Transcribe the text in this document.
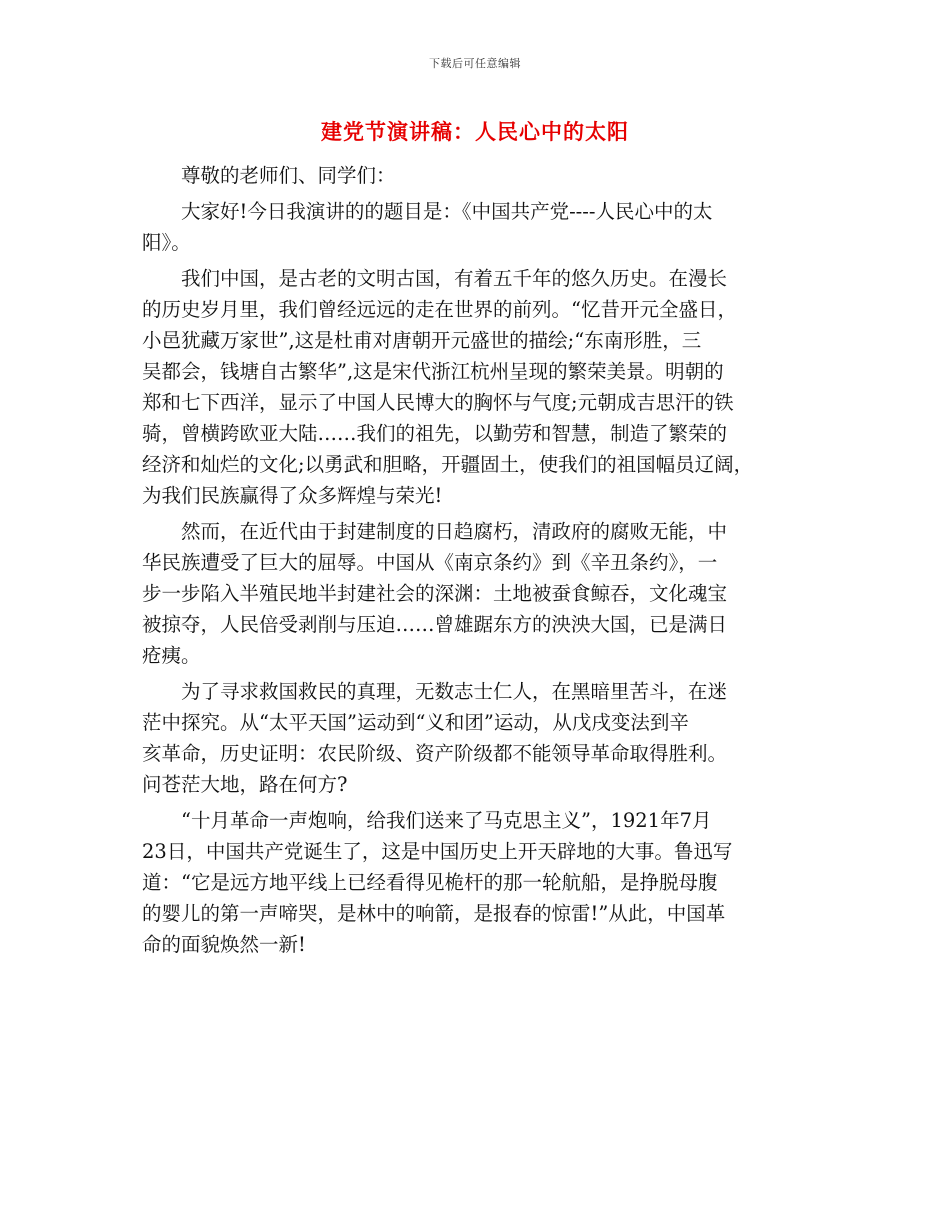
下载后可任意编辑
建党节演讲稿：人民心中的太阳

尊敬的老师们、同学们：

大家好!今日我演讲的的题目是：《中国共产党----人民心中的太
阳》。

我们中国，是古老的文明古国，有着五千年的悠久历史。在漫长
的历史岁月里，我们曾经远远的走在世界的前列。“忆昔开元全盛日，
小邑犹藏万家世”,这是杜甫对唐朝开元盛世的描绘;“东南形胜，三
吴都会，钱塘自古繁华”,这是宋代浙江杭州呈现的繁荣美景。明朝的
郑和七下西洋，显示了中国人民博大的胸怀与气度;元朝成吉思汗的铁
骑，曾横跨欧亚大陆……我们的祖先，以勤劳和智慧，制造了繁荣的
经济和灿烂的文化;以勇武和胆略，开疆固土，使我们的祖国幅员辽阔，
为我们民族赢得了众多辉煌与荣光!

然而，在近代由于封建制度的日趋腐朽，清政府的腐败无能，中
华民族遭受了巨大的屈辱。中国从《南京条约》到《辛丑条约》，一
步一步陷入半殖民地半封建社会的深渊：土地被蚕食鲸吞，文化魂宝
被掠夺，人民倍受剥削与压迫……曾雄踞东方的泱泱大国，已是满日
疮痍。

为了寻求救国救民的真理，无数志士仁人，在黑暗里苦斗，在迷
茫中探究。从“太平天国”运动到“义和团”运动，从戊戌变法到辛
亥革命，历史证明：农民阶级、资产阶级都不能领导革命取得胜利。
问苍茫大地，路在何方?

“十月革命一声炮响，给我们送来了马克思主义”，1921年7月
23日，中国共产党诞生了，这是中国历史上开天辟地的大事。鲁迅写
道：“它是远方地平线上已经看得见桅杆的那一轮航船，是挣脱母腹
的婴儿的第一声啼哭，是林中的响箭，是报春的惊雷!”从此，中国革
命的面貌焕然一新!
